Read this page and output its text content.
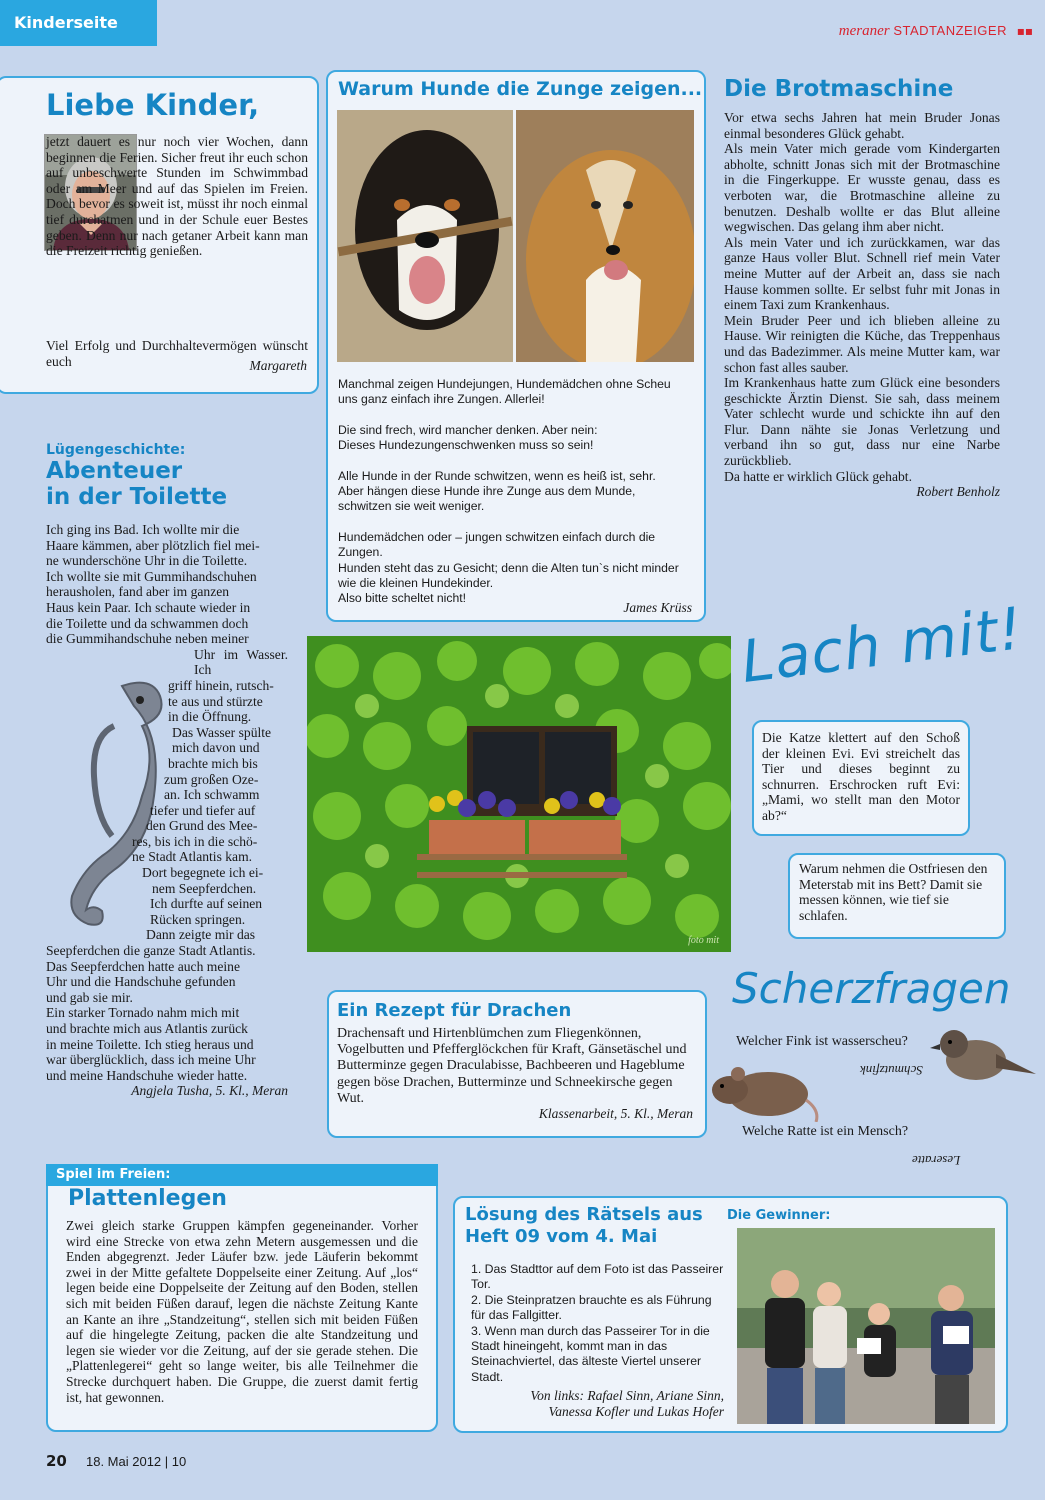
Kinderseite	meraner STADTANZEIGER ▪▪
Liebe Kinder,
jetzt dauert es nur noch vier Wochen, dann beginnen die Ferien. Sicher freut ihr euch schon auf unbeschwerte Stunden im Schwimmbad oder am Meer und auf das Spielen im Freien. Doch bevor es soweit ist, müsst ihr noch einmal tief durchatmen und in der Schule euer Bestes geben. Denn nur nach getaner Arbeit kann man die Freizeit richtig genießen.
Viel Erfolg und Durchhaltevermögen wünscht euch	Margareth
Warum Hunde die Zunge zeigen...

Manchmal zeigen Hundejungen, Hundemädchen ohne Scheu
uns ganz einfach ihre Zungen. Allerlei!

Die sind frech, wird mancher denken. Aber nein:
Dieses Hundezungenschwenken muss so sein!

Alle Hunde in der Runde schwitzen, wenn es heiß ist, sehr.
Aber hängen diese Hunde ihre Zunge aus dem Munde,
schwitzen sie weit weniger.

Hundemädchen oder – jungen schwitzen einfach durch die Zungen.
Hunden steht das zu Gesicht; denn die Alten tun`s nicht minder
wie die kleinen Hundekinder.
Also bitte scheltet nicht!

James Krüss
Die Brotmaschine

Vor etwa sechs Jahren hat mein Bruder Jonas einmal besonderes Glück gehabt.

Als mein Vater mich gerade vom Kindergarten abholte, schnitt Jonas sich mit der Brotmaschine in die Fingerkuppe. Er wusste genau, dass es verboten war, die Brotmaschine alleine zu benutzen. Deshalb wollte er das Blut alleine wegwischen. Das gelang ihm aber nicht.

Als mein Vater und ich zurückkamen, war das ganze Haus voller Blut. Schnell rief mein Vater meine Mutter auf der Arbeit an, dass sie nach Hause kommen sollte. Er selbst fuhr mit Jonas in einem Taxi zum Krankenhaus.

Mein Bruder Peer und ich blieben alleine zu Hause. Wir reinigten die Küche, das Treppenhaus und das Badezimmer. Als meine Mutter kam, war schon fast alles sauber.

Im Krankenhaus hatte zum Glück eine besonders geschickte Ärztin Dienst. Sie sah, dass meinem Vater schlecht wurde und schickte ihn auf den Flur. Dann nähte sie Jonas Verletzung und verband ihn so gut, dass nur eine Narbe zurückblieb.

Da hatte er wirklich Glück gehabt.

Robert Benholz
Lügengeschichte:
Abenteuer
in der Toilette
Ich ging ins Bad. Ich wollte mir die
Haare kämmen, aber plötzlich fiel mei-
ne wunderschöne Uhr in die Toilette.
Ich wollte sie mit Gummihandschuhen
herausholen, fand aber im ganzen
Haus kein Paar. Ich schaute wieder in
die Toilette und da schwammen doch
die Gummihandschuhe neben meiner
Uhr im Wasser. Ich
griff hinein, rutsch-
te aus und stürzte
in die Öffnung.
Das Wasser spülte
mich davon und
brachte mich bis
zum großen Oze-
an. Ich schwamm
tiefer und tiefer auf
den Grund des Mee-
res, bis ich in die schö-
ne Stadt Atlantis kam.
Dort begegnete ich ei-
nem Seepferdchen.
Ich durfte auf seinen
Rücken springen.
Dann zeigte mir das
Seepferdchen die ganze Stadt Atlantis.
Das Seepferdchen hatte auch meine
Uhr und die Handschuhe gefunden
und gab sie mir.
Ein starker Tornado nahm mich mit
und brachte mich aus Atlantis zurück
in meine Toilette. Ich stieg heraus und
war überglücklich, dass ich meine Uhr
und meine Handschuhe wieder hatte.
Angjela Tusha, 5. Kl., Meran
foto mit
Lach mit!
Die Katze klettert auf den Schoß der kleinen Evi. Evi streichelt das Tier und dieses beginnt zu schnurren. Erschrocken ruft Evi: „Mami, wo stellt man den Motor ab?“
Warum nehmen die Ostfriesen den Meterstab mit ins Bett? Damit sie messen können, wie tief sie schlafen.
Scherzfragen
Welcher Fink ist wasserscheu?
Schmutzfink
Welche Ratte ist ein Mensch?
Leseratte
Ein Rezept für Drachen
Drachensaft und Hirtenblümchen zum Fliegenkönnen, Vogelbutten und Pfefferglöckchen für Kraft, Gänsetäschel und Butterminze gegen Draculabisse, Bachbeeren und Hageblume gegen böse Drachen, Butterminze und Schneekirsche gegen Wut.
Klassenarbeit, 5. Kl., Meran
Spiel im Freien:
Plattenlegen
Zwei gleich starke Gruppen kämpfen gegeneinander. Vorher wird eine Strecke von etwa zehn Metern ausgemessen und die Enden abgegrenzt. Jeder Läufer bzw. jede Läuferin bekommt zwei in der Mitte gefaltete Doppelseite einer Zeitung. Auf „los“ legen beide eine Doppelseite der Zeitung auf den Boden, stellen sich mit beiden Füßen darauf, legen die nächste Zeitung Kante an Kante an ihre „Standzeitung“, stellen sich mit beiden Füßen auf die hingelegte Zeitung, packen die alte Standzeitung und legen sie wieder vor die Zeitung, auf der sie gerade stehen. Die „Plattenlegerei“ geht so lange weiter, bis alle Teilnehmer die Strecke durchquert haben. Die Gruppe, die zuerst damit fertig ist, hat gewonnen.
Lösung des Rätsels aus
Heft 09 vom 4. Mai
Die Gewinner:

1. Das Stadttor auf dem Foto ist das Passeirer Tor.

2. Die Steinpratzen brauchte es als Führung für das Fallgitter.

3. Wenn man durch das Passeirer Tor in die Stadt hineingeht, kommt man in das Steinachviertel, das älteste Viertel unserer Stadt.

Von links: Rafael Sinn, Ariane Sinn,
Vanessa Kofler und Lukas Hofer
20 18. Mai 2012 | 10
